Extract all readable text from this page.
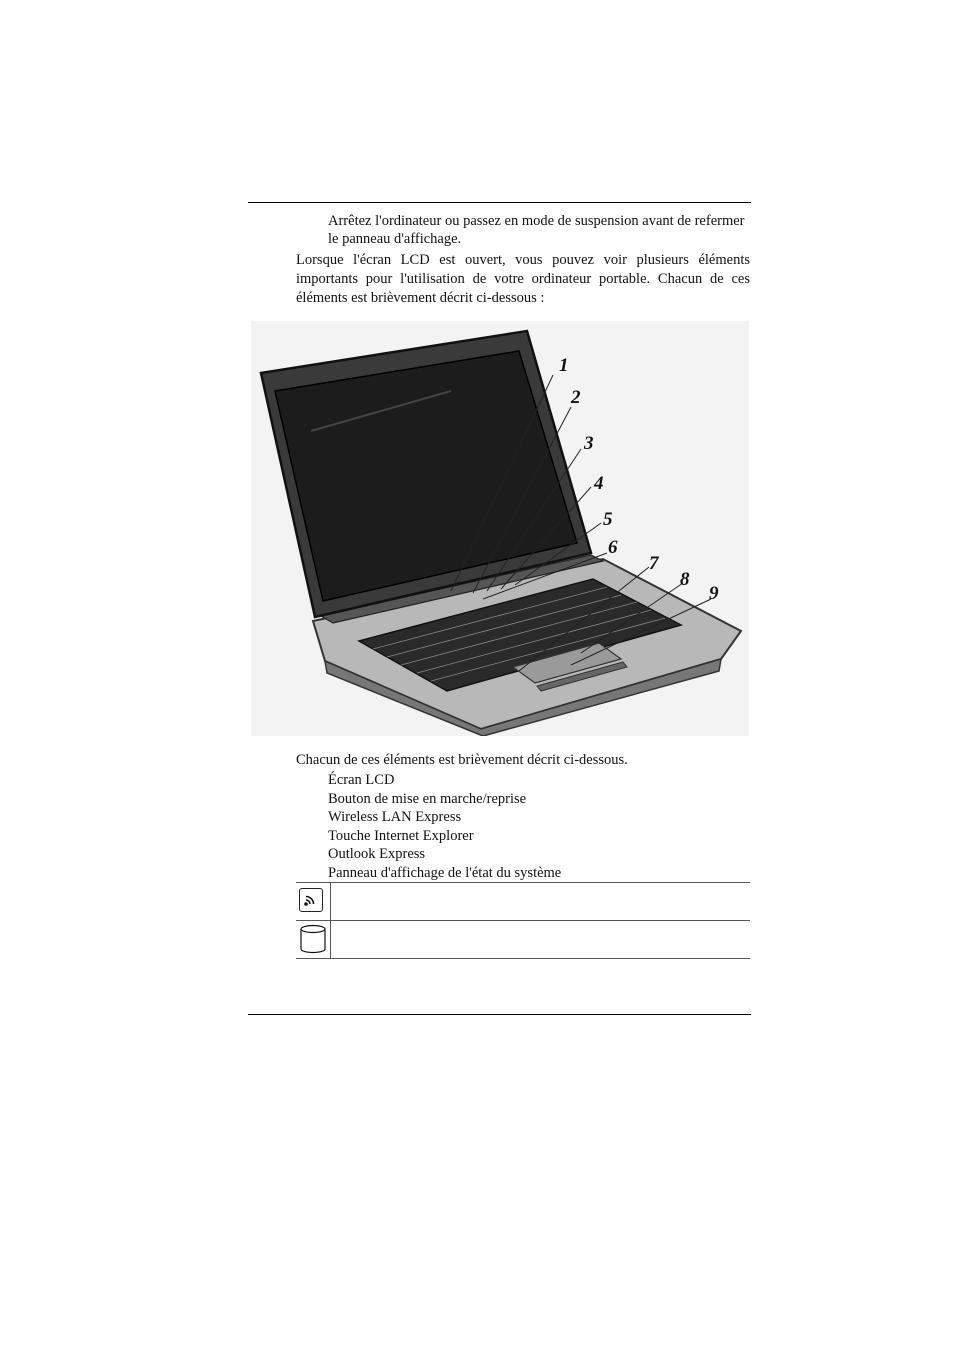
Arrêtez l'ordinateur ou passez en mode de suspension avant de refermer le panneau d'affichage.
Lorsque l'écran LCD est ouvert, vous pouvez voir plusieurs éléments importants pour l'utilisation de votre ordinateur portable. Chacun de ces éléments est brièvement décrit ci-dessous :
1
2
3
4
5
6
7
8
9
Chacun de ces éléments est brièvement décrit ci-dessous.
Écran LCD
Bouton de mise en marche/reprise
Wireless LAN Express
Touche Internet Explorer
Outlook Express
Panneau d'affichage de l'état du système
